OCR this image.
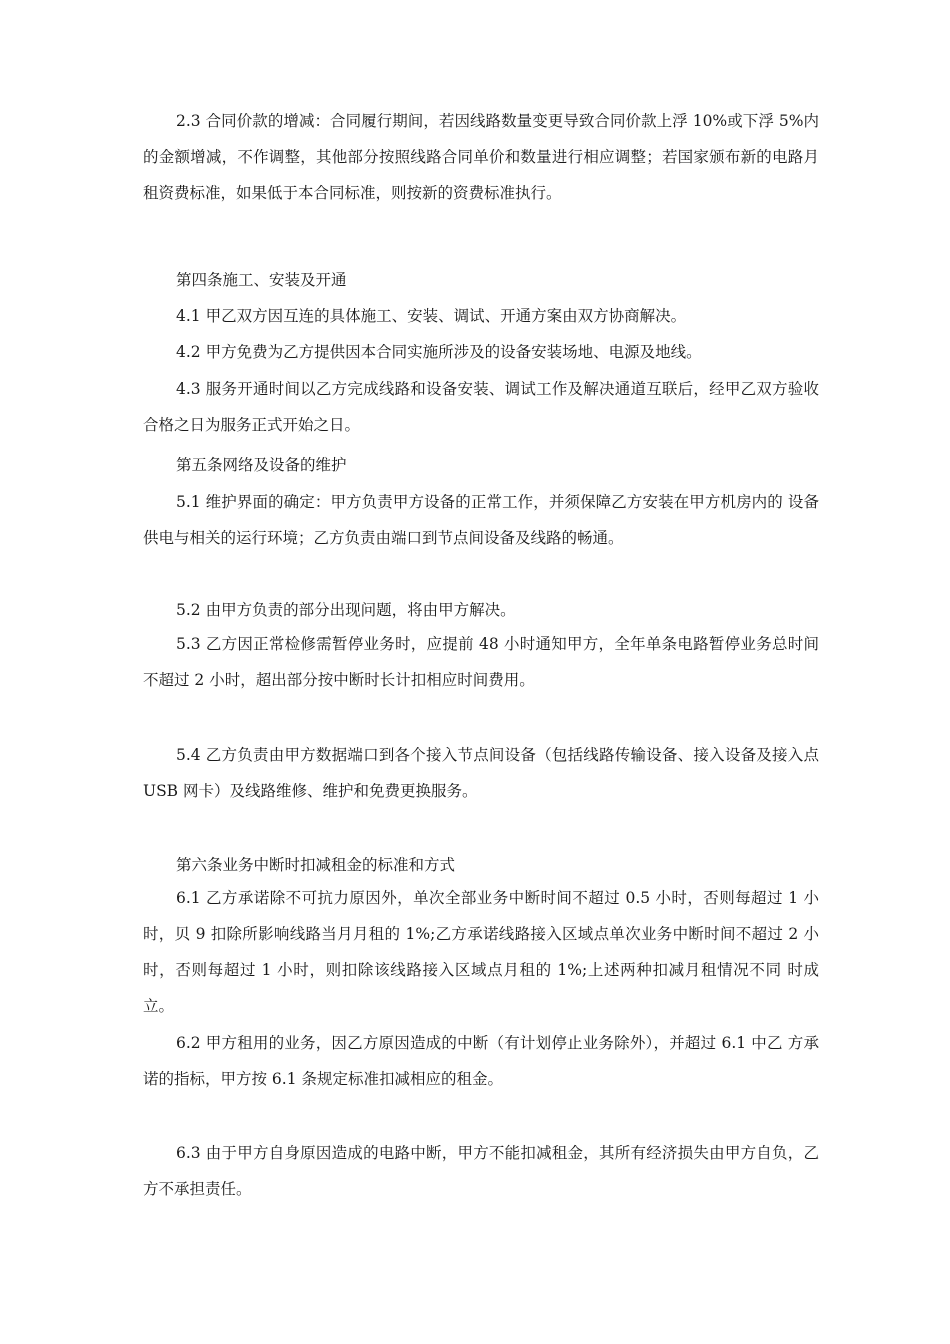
2.3 合同价款的增减：合同履行期间，若因线路数量变更导致合同价款上浮 10%或下浮 5%内的金额增减，不作调整，其他部分按照线路合同单价和数量进行相应调整；若国家颁布新的电路月租资费标准，如果低于本合同标准，则按新的资费标准执行。

第四条施工、安装及开通

4.1 甲乙双方因互连的具体施工、安装、调试、开通方案由双方协商解决。

4.2 甲方免费为乙方提供因本合同实施所涉及的设备安装场地、电源及地线。

4.3 服务开通时间以乙方完成线路和设备安装、调试工作及解决通道互联后，经甲乙双方验收合格之日为服务正式开始之日。

第五条网络及设备的维护

5.1 维护界面的确定：甲方负责甲方设备的正常工作，并须保障乙方安装在甲方机房内的 设备供电与相关的运行环境；乙方负责由端口到节点间设备及线路的畅通。

5.2 由甲方负责的部分出现问题，将由甲方解决。

5.3 乙方因正常检修需暂停业务时，应提前 48 小时通知甲方，全年单条电路暂停业务总时间不超过 2 小时，超出部分按中断时长计扣相应时间费用。

5.4 乙方负责由甲方数据端口到各个接入节点间设备（包括线路传输设备、接入设备及接入点 USB 网卡）及线路维修、维护和免费更换服务。

第六条业务中断时扣减租金的标准和方式

6.1 乙方承诺除不可抗力原因外，单次全部业务中断时间不超过 0.5 小时，否则每超过 1 小 时，贝 9 扣除所影响线路当月月租的 1%;乙方承诺线路接入区域点单次业务中断时间不超过 2 小时，否则每超过 1 小时，则扣除该线路接入区域点月租的 1%;上述两种扣减月租情况不同 时成立。

6.2 甲方租用的业务，因乙方原因造成的中断（有计划停止业务除外），并超过 6.1 中乙 方承诺的指标，甲方按 6.1 条规定标准扣减相应的租金。

6.3 由于甲方自身原因造成的电路中断，甲方不能扣减租金，其所有经济损失由甲方自负，乙方不承担责任。
